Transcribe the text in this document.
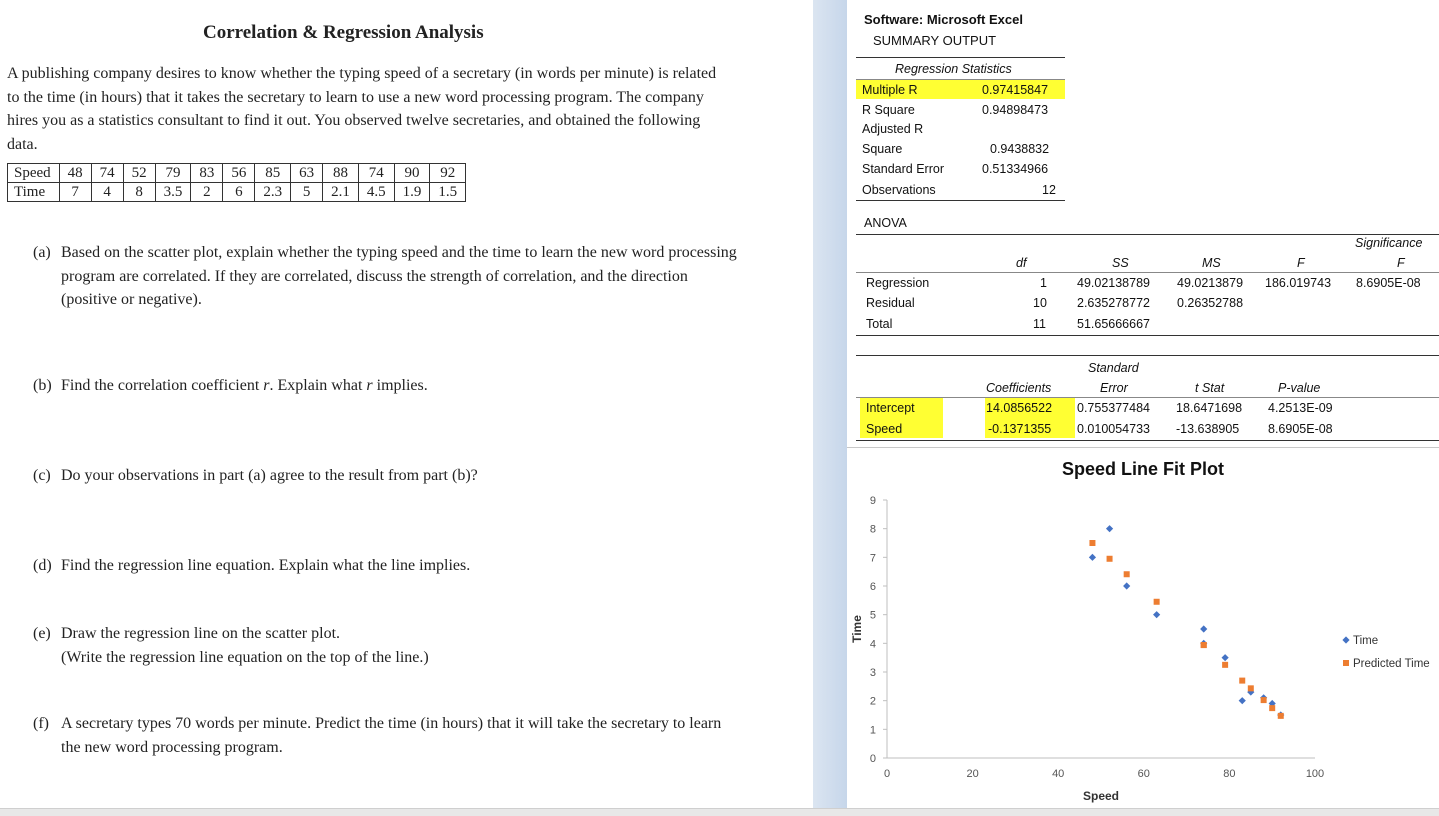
Correlation & Regression Analysis
A publishing company desires to know whether the typing speed of a secretary (in words per minute) is related to the time (in hours) that it takes the secretary to learn to use a new word processing program. The company hires you as a statistics consultant to find it out. You observed twelve secretaries, and obtained the following data.
Speed	48	74	52	79	83	56	85	63	88	74	90	92
Time	7	4	8	3.5	2	6	2.3	5	2.1	4.5	1.9	1.5
(a) Based on the scatter plot, explain whether the typing speed and the time to learn the new word processing program are correlated. If they are correlated, discuss the strength of correlation, and the direction (positive or negative).
(b) Find the correlation coefficient r. Explain what r implies.
(c) Do your observations in part (a) agree to the result from part (b)?
(d) Find the regression line equation. Explain what the line implies.
(e) Draw the regression line on the scatter plot.
(Write the regression line equation on the top of the line.)
(f) A secretary types 70 words per minute. Predict the time (in hours) that it will take the secretary to learn the new word processing program.
Software: Microsoft Excel
SUMMARY OUTPUT
Regression Statistics
Multiple R	0.97415847
R Square	0.94898473
Adjusted R
Square	0.9438832
Standard Error	0.51334966
Observations	12
ANOVA
Significance
df	SS	MS	F	F
Regression	1 49.02138789 49.0213879 186.019743 8.6905E-08
Residual	10 2.635278772 0.26352788
Total	11 51.65666667
Standard
Coefficients	Error	t Stat	P-value
Intercept	14.0856522 0.755377484 18.6471698 4.2513E-09
Speed	-0.1371355 0.010054733 -13.638905 8.6905E-08
Speed Line Fit Plot
0
1
2
3
4
5
6
7
8
9
0	20	40	60	80	100
Speed
Time	Time
Predicted Time
